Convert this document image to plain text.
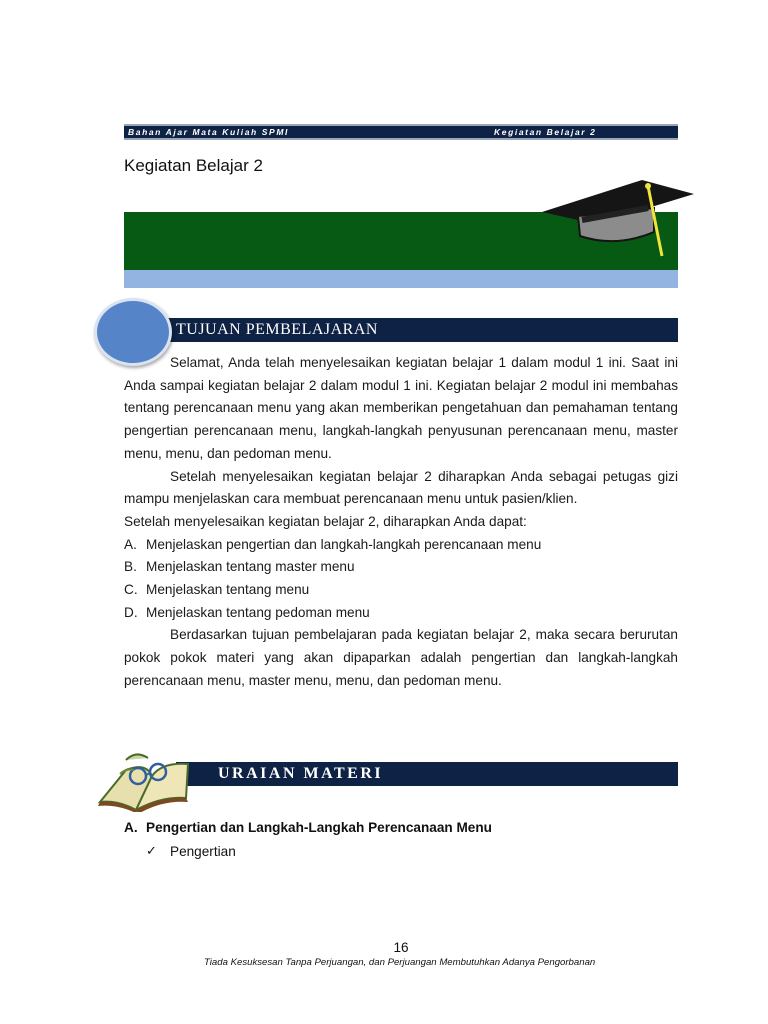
Bahan Ajar Mata Kuliah SPMI	Kegiatan Belajar 2
Kegiatan Belajar 2
TUJUAN PEMBELAJARAN

Selamat, Anda telah menyelesaikan kegiatan belajar 1 dalam modul 1 ini. Saat ini Anda sampai kegiatan belajar 2 dalam modul 1 ini. Kegiatan belajar 2 modul ini membahas tentang perencanaan menu yang akan memberikan pengetahuan dan pemahaman tentang pengertian perencanaan menu, langkah-langkah penyusunan perencanaan menu, master menu, menu, dan pedoman menu.

Setelah menyelesaikan kegiatan belajar 2 diharapkan Anda sebagai petugas gizi mampu menjelaskan cara membuat perencanaan menu untuk pasien/klien.

Setelah menyelesaikan kegiatan belajar 2, diharapkan Anda dapat:

A. Menjelaskan pengertian dan langkah-langkah perencanaan menu
B. Menjelaskan tentang master menu
C. Menjelaskan tentang menu
D. Menjelaskan tentang pedoman menu

Berdasarkan tujuan pembelajaran pada kegiatan belajar 2, maka secara berurutan pokok pokok materi yang akan dipaparkan adalah pengertian dan langkah-langkah perencanaan menu, master menu, menu, dan pedoman menu.

URAIAN MATERI
A. Pengertian dan Langkah-Langkah Perencanaan Menu
✓ Pengertian
16
Tiada Kesuksesan Tanpa Perjuangan, dan Perjuangan Membutuhkan Adanya Pengorbanan
